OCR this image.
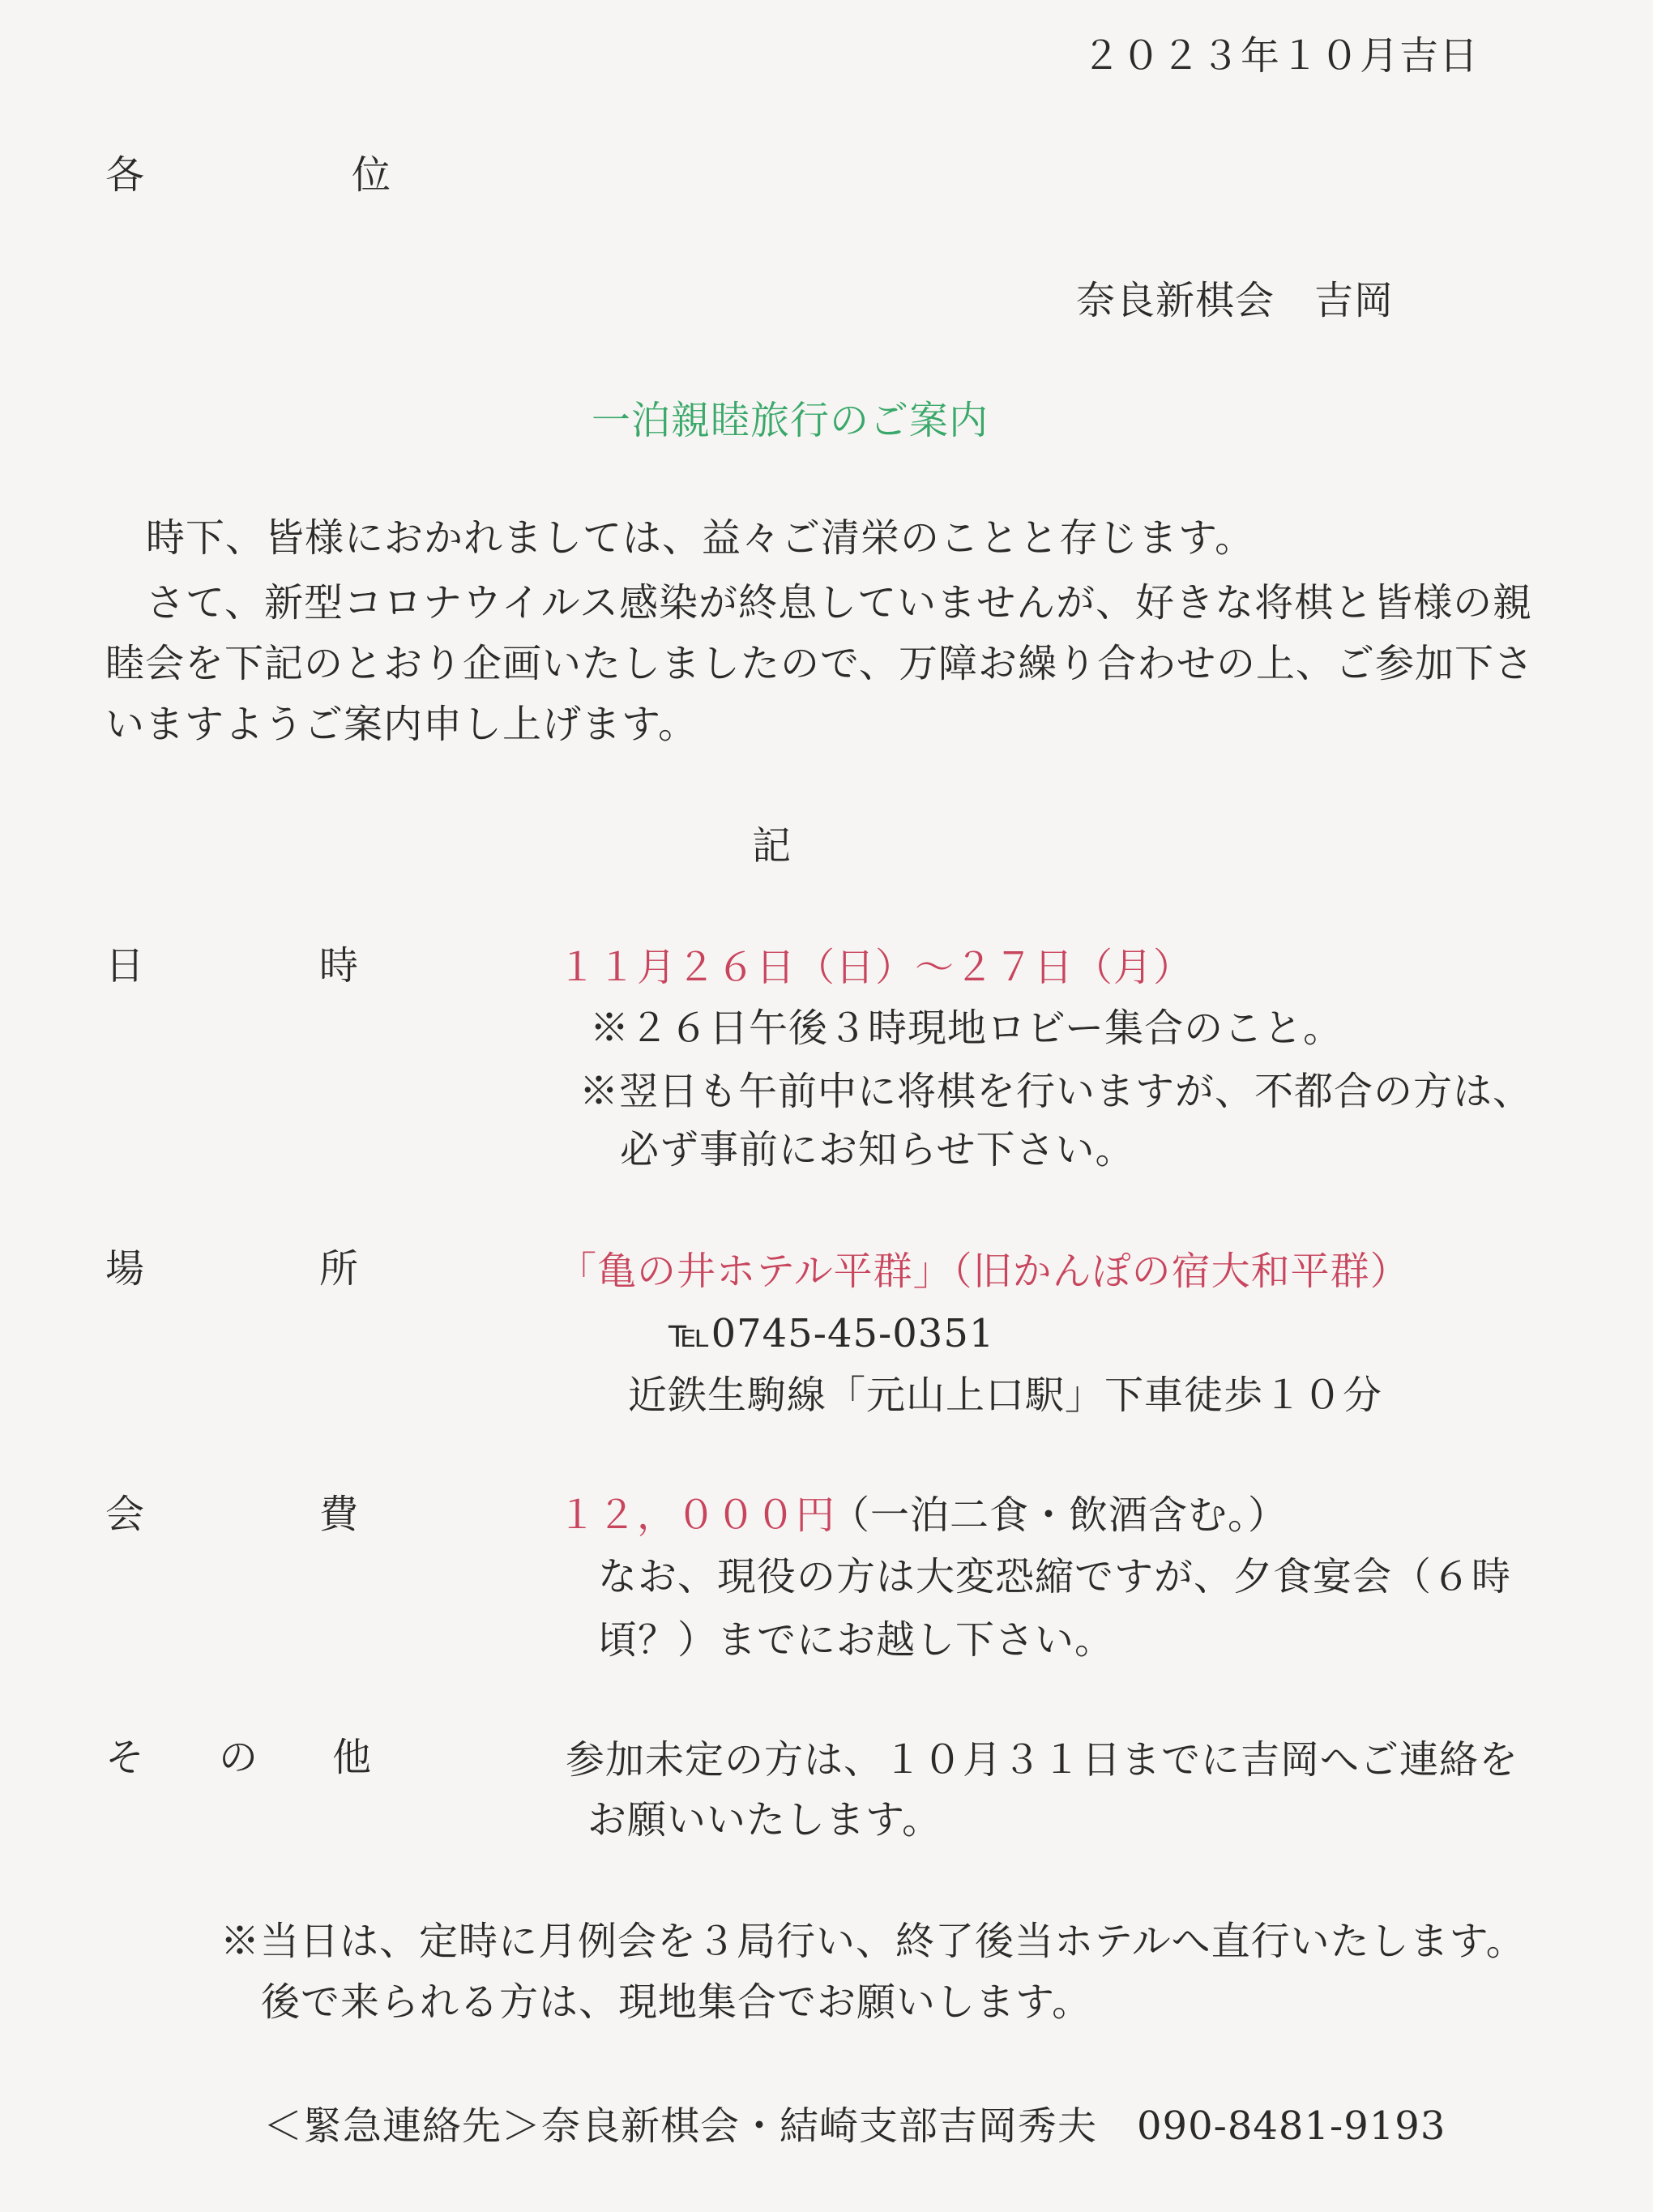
２０２３年１０月吉日
各　　　位
奈良新棋会　吉岡
一泊親睦旅行のご案内
時下、皆様におかれましては、益々ご清栄のことと存じます。
さて、新型コロナウイルス感染が終息していませんが、好きな将棋と皆様の親
睦会を下記のとおり企画いたしましたので、万障お繰り合わせの上、ご参加下さ
いますようご案内申し上げます。
記
日　　　時	１１月２６日（日）～２７日（月）
※２６日午後３時現地ロビー集合のこと。
※翌日も午前中に将棋を行いますが、不都合の方は、
必ず事前にお知らせ下さい。
場　　　所	「亀の井ホテル平群」（旧かんぽの宿大和平群）
℡0745-45-0351
近鉄生駒線「元山上口駅」下車徒歩１０分
会　　　費	１２，０００円
（一泊二食・飲酒含む。）
なお、現役の方は大変恐縮ですが、夕食宴会（６時
頃？）までにお越し下さい。
そ　の　他	参加未定の方は、１０月３１日までに吉岡へご連絡を
お願いいたします。
※当日は、定時に月例会を３局行い、終了後当ホテルへ直行いたします。
後で来られる方は、現地集合でお願いします。
＜緊急連絡先＞奈良新棋会・結崎支部吉岡秀夫　090-8481-9193
